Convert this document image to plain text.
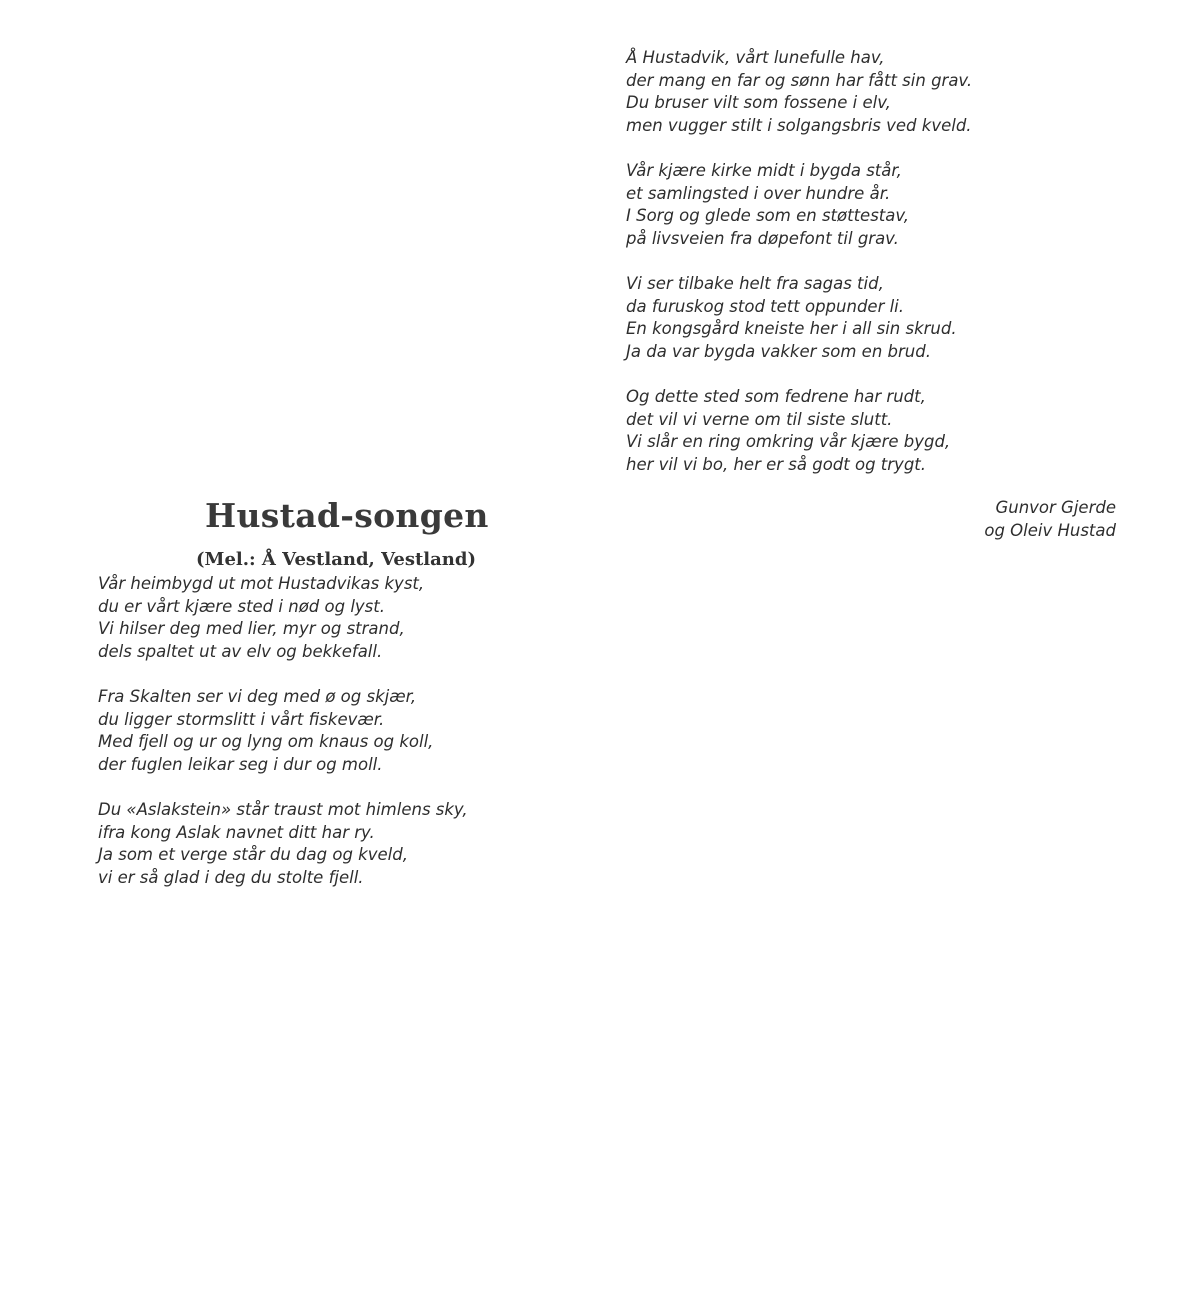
Hustad-songen
(Mel.: Å Vestland, Vestland)
Vår heimbygd ut mot Hustadvikas kyst,
du er vårt kjære sted i nød og lyst.
Vi hilser deg med lier, myr og strand,
dels spaltet ut av elv og bekkefall.
Fra Skalten ser vi deg med ø og skjær,
du ligger stormslitt i vårt fiskevær.
Med fjell og ur og lyng om knaus og koll,
der fuglen leikar seg i dur og moll.
Du «Aslakstein» står traust mot himlens sky,
ifra kong Aslak navnet ditt har ry.
Ja som et verge står du dag og kveld,
vi er så glad i deg du stolte fjell.
Å Hustadvik, vårt lunefulle hav,
der mang en far og sønn har fått sin grav.
Du bruser vilt som fossene i elv,
men vugger stilt i solgangsbris ved kveld.
Vår kjære kirke midt i bygda står,
et samlingsted i over hundre år.
I Sorg og glede som en støttestav,
på livsveien fra døpefont til grav.
Vi ser tilbake helt fra sagas tid,
da furuskog stod tett oppunder li.
En kongsgård kneiste her i all sin skrud.
Ja da var bygda vakker som en brud.
Og dette sted som fedrene har rudt,
det vil vi verne om til siste slutt.
Vi slår en ring omkring vår kjære bygd,
her vil vi bo, her er så godt og trygt.
Gunvor Gjerde
og Oleiv Hustad
